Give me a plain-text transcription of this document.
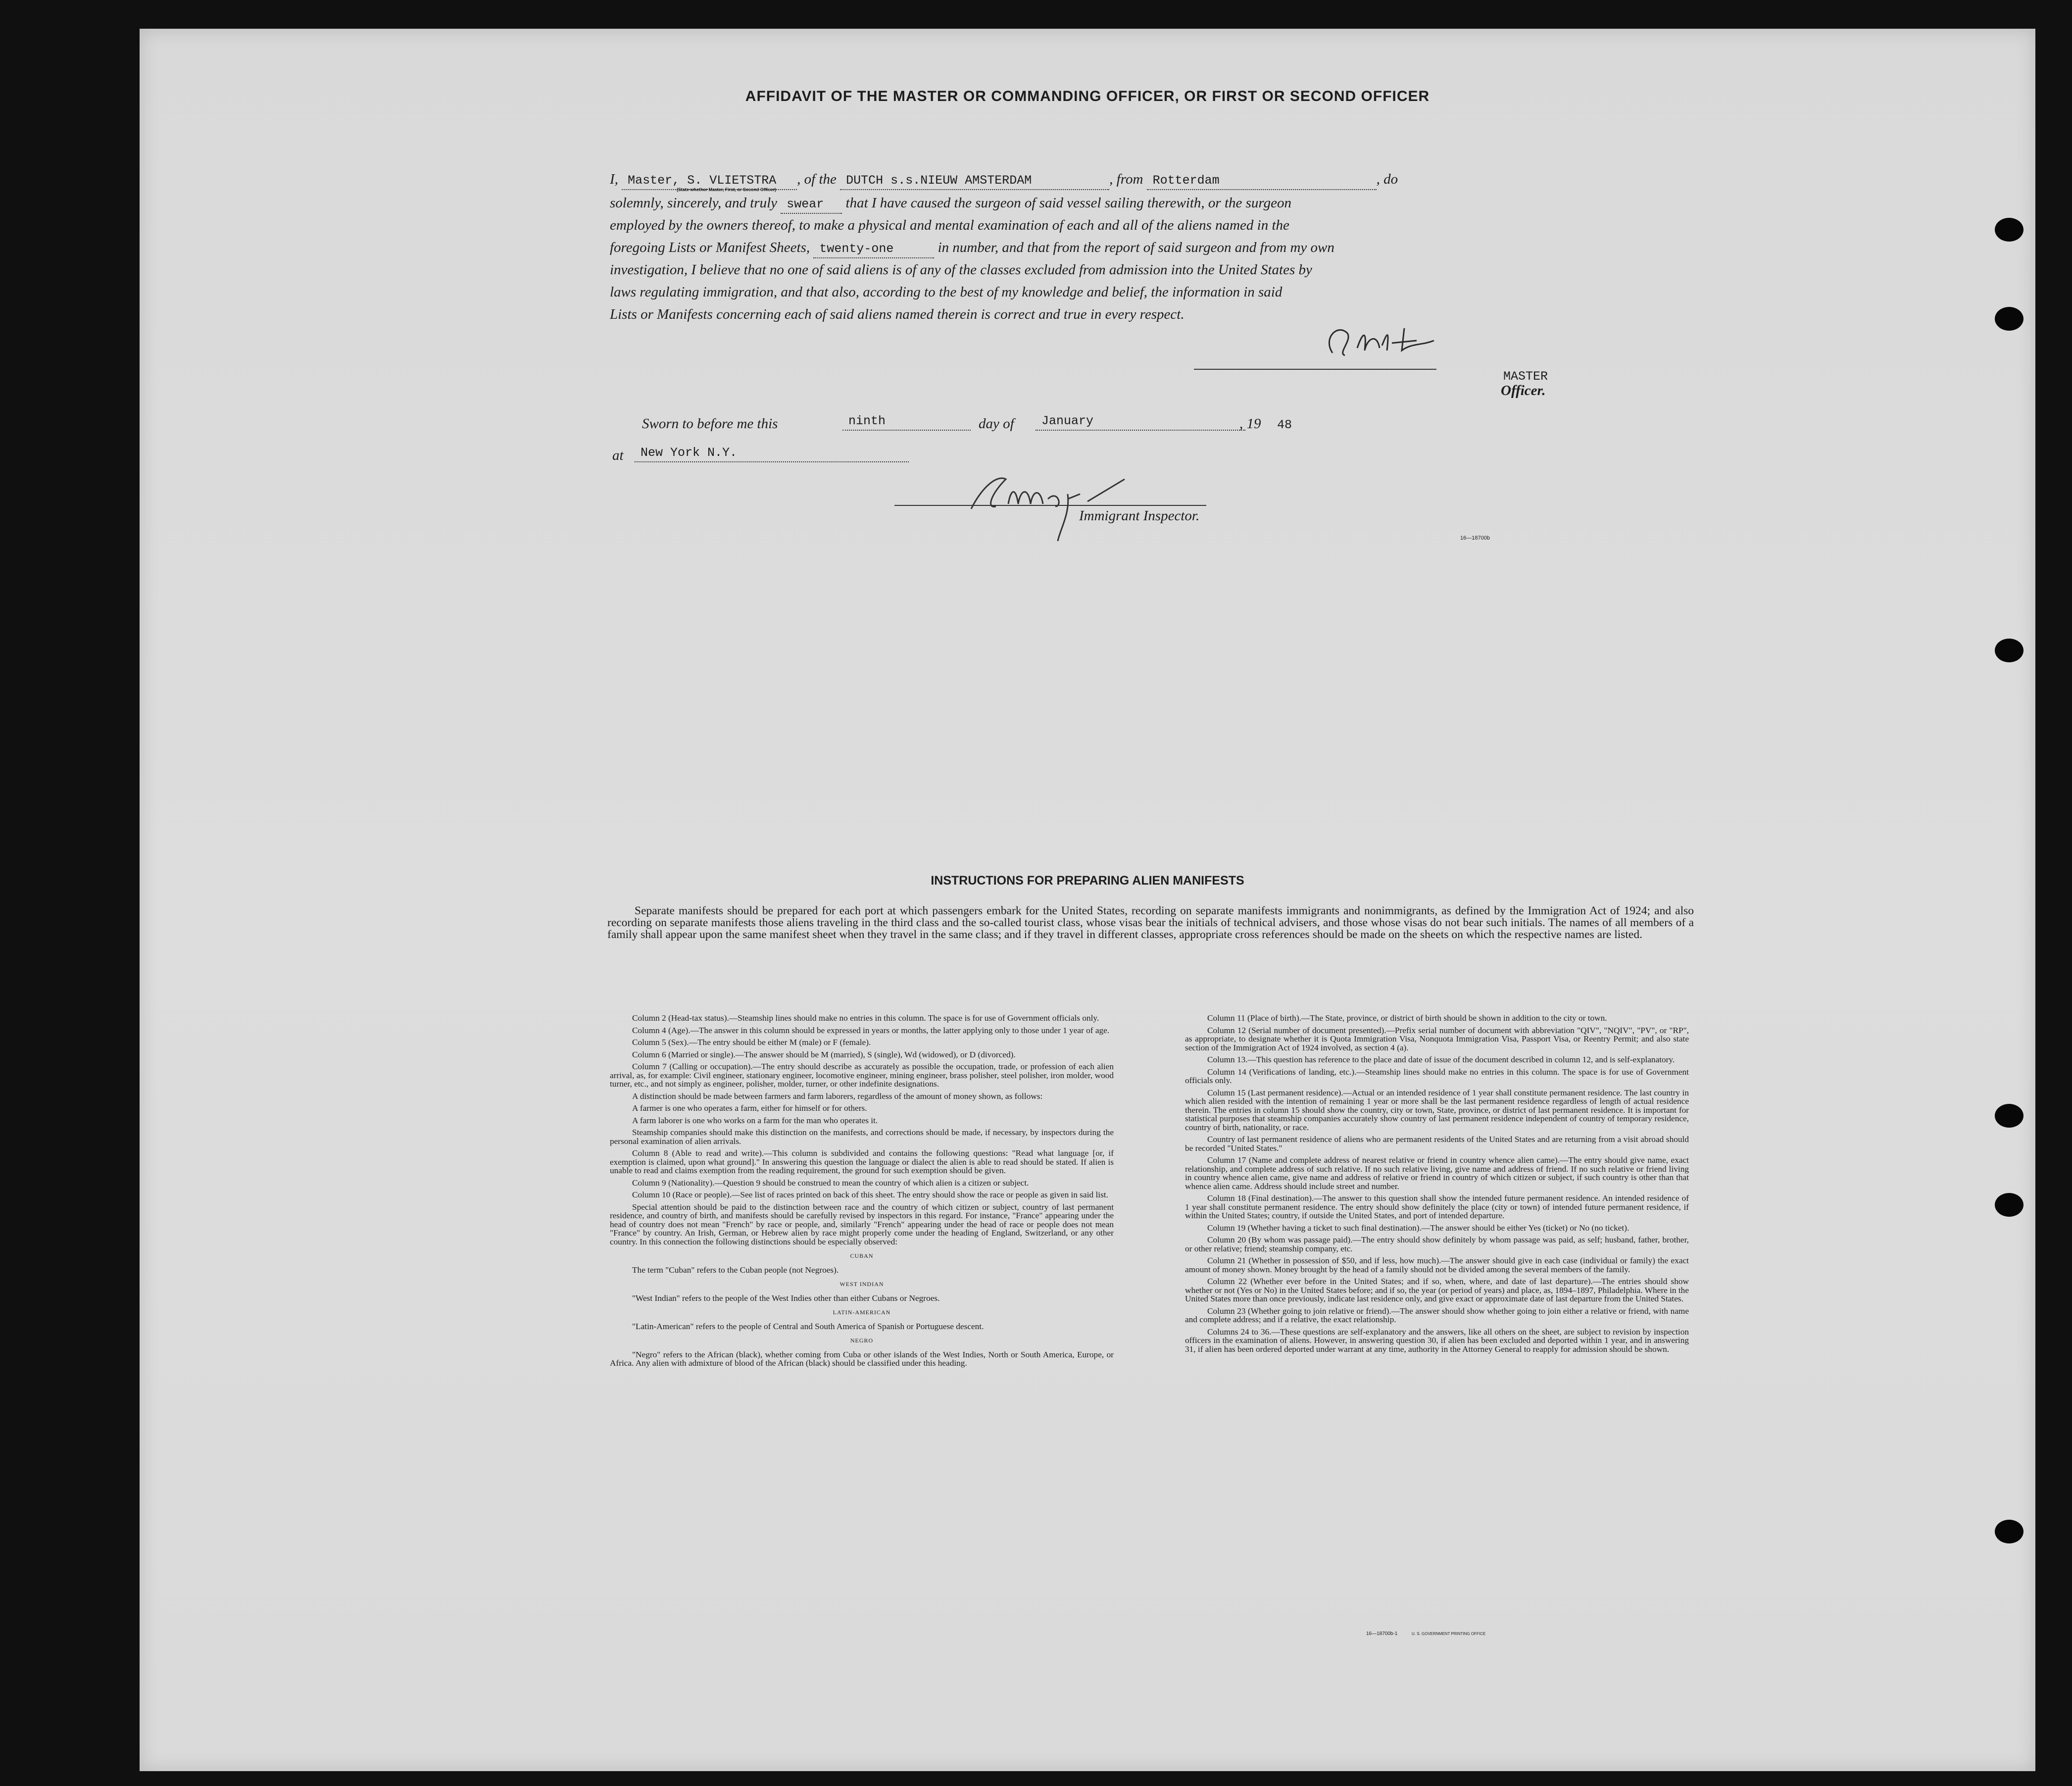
AFFIDAVIT OF THE MASTER OR COMMANDING OFFICER, OR FIRST OR SECOND OFFICER
I, Master, S. VLIETSTRA , of the DUTCH s.s.NIEUW AMSTERDAM	, from Rotterdam	, do
(State whether Master, First, or Second Officer)
solemnly, sincerely, and truly swear that I have caused the surgeon of said vessel sailing therewith, or the surgeon
employed by the owners thereof, to make a physical and mental examination of each and all of the aliens named in the
foregoing Lists or Manifest Sheets, twenty-one	in number, and that from the report of said surgeon and from my own
investigation, I believe that no one of said aliens is of any of the classes excluded from admission into the United States by
laws regulating immigration, and that also, according to the best of my knowledge and belief, the information in said
Lists or Manifests concerning each of said aliens named therein is correct and true in every respect.
MASTER
Officer.
Sworn to before me this	ninth	day of	January	, 19 48
at	New York N.Y.
Immigrant Inspector.
16—18700b
INSTRUCTIONS FOR PREPARING ALIEN MANIFESTS
Separate manifests should be prepared for each port at which passengers embark for the United States, recording on separate manifests immigrants and nonimmigrants, as defined by the Immigration Act of 1924; and also recording on separate manifests those aliens traveling in the third class and the so-called tourist class, whose visas bear the initials of technical advisers, and those whose visas do not bear such initials. The names of all members of a family shall appear upon the same manifest sheet when they travel in the same class; and if they travel in different classes, appropriate cross references should be made on the sheets on which the respective names are listed.

Column 2 (Head-tax status).—Steamship lines should make no entries in this column. The space is for use of Government officials only.

Column 4 (Age).—The answer in this column should be expressed in years or months, the latter applying only to those under 1 year of age.

Column 5 (Sex).—The entry should be either M (male) or F (female).

Column 6 (Married or single).—The answer should be M (married), S (single), Wd (widowed), or D (divorced).

Column 7 (Calling or occupation).—The entry should describe as accurately as possible the occupation, trade, or profession of each alien arrival, as, for example: Civil engineer, stationary engineer, locomotive engineer, mining engineer, brass polisher, steel polisher, iron molder, wood turner, etc., and not simply as engineer, polisher, molder, turner, or other indefinite designations.

A distinction should be made between farmers and farm laborers, regardless of the amount of money shown, as follows:

A farmer is one who operates a farm, either for himself or for others.

A farm laborer is one who works on a farm for the man who operates it.

Steamship companies should make this distinction on the manifests, and corrections should be made, if necessary, by inspectors during the personal examination of alien arrivals.

Column 8 (Able to read and write).—This column is subdivided and contains the following questions: "Read what language [or, if exemption is claimed, upon what ground]." In answering this question the language or dialect the alien is able to read should be stated. If alien is unable to read and claims exemption from the reading requirement, the ground for such exemption should be given.

Column 9 (Nationality).—Question 9 should be construed to mean the country of which alien is a citizen or subject.

Column 10 (Race or people).—See list of races printed on back of this sheet. The entry should show the race or people as given in said list.

Special attention should be paid to the distinction between race and the country of which citizen or subject, country of last permanent residence, and country of birth, and manifests should be carefully revised by inspectors in this regard. For instance, "France" appearing under the head of country does not mean "French" by race or people, and, similarly "French" appearing under the head of race or people does not mean "France" by country. An Irish, German, or Hebrew alien by race might properly come under the heading of England, Switzerland, or any other country. In this connection the following distinctions should be especially observed:

CUBAN

The term "Cuban" refers to the Cuban people (not Negroes).

WEST INDIAN

"West Indian" refers to the people of the West Indies other than either Cubans or Negroes.

LATIN-AMERICAN

"Latin-American" refers to the people of Central and South America of Spanish or Portuguese descent.

NEGRO

"Negro" refers to the African (black), whether coming from Cuba or other islands of the West Indies, North or South America, Europe, or Africa. Any alien with admixture of blood of the African (black) should be classified under this heading.

Column 11 (Place of birth).—The State, province, or district of birth should be shown in addition to the city or town.

Column 12 (Serial number of document presented).—Prefix serial number of document with abbreviation "QIV", "NQIV", "PV", or "RP", as appropriate, to designate whether it is Quota Immigration Visa, Nonquota Immigration Visa, Passport Visa, or Reentry Permit; and also state section of the Immigration Act of 1924 involved, as section 4 (a).

Column 13.—This question has reference to the place and date of issue of the document described in column 12, and is self-explanatory.

Column 14 (Verifications of landing, etc.).—Steamship lines should make no entries in this column. The space is for use of Government officials only.

Column 15 (Last permanent residence).—Actual or an intended residence of 1 year shall constitute permanent residence. The last country in which alien resided with the intention of remaining 1 year or more shall be the last permanent residence regardless of length of actual residence therein. The entries in column 15 should show the country, city or town, State, province, or district of last permanent residence. It is important for statistical purposes that steamship companies accurately show country of last permanent residence independent of country of temporary residence, country of birth, nationality, or race.

Country of last permanent residence of aliens who are permanent residents of the United States and are returning from a visit abroad should be recorded "United States."

Column 17 (Name and complete address of nearest relative or friend in country whence alien came).—The entry should give name, exact relationship, and complete address of such relative. If no such relative living, give name and address of friend. If no such relative or friend living in country whence alien came, give name and address of relative or friend in country of which citizen or subject, if such country is other than that whence alien came. Address should include street and number.

Column 18 (Final destination).—The answer to this question shall show the intended future permanent residence. An intended residence of 1 year shall constitute permanent residence. The entry should show definitely the place (city or town) of intended future permanent residence, if within the United States; country, if outside the United States, and port of intended departure.

Column 19 (Whether having a ticket to such final destination).—The answer should be either Yes (ticket) or No (no ticket).

Column 20 (By whom was passage paid).—The entry should show definitely by whom passage was paid, as self; husband, father, brother, or other relative; friend; steamship company, etc.

Column 21 (Whether in possession of $50, and if less, how much).—The answer should give in each case (individual or family) the exact amount of money shown. Money brought by the head of a family should not be divided among the several members of the family.

Column 22 (Whether ever before in the United States; and if so, when, where, and date of last departure).—The entries should show whether or not (Yes or No) in the United States before; and if so, the year (or period of years) and place, as, 1894–1897, Philadelphia. Where in the United States more than once previously, indicate last residence only, and give exact or approximate date of last departure from the United States.

Column 23 (Whether going to join relative or friend).—The answer should show whether going to join either a relative or friend, with name and complete address; and if a relative, the exact relationship.

Columns 24 to 36.—These questions are self-explanatory and the answers, like all others on the sheet, are subject to revision by inspection officers in the examination of aliens. However, in answering question 30, if alien has been excluded and deported within 1 year, and in answering 31, if alien has been ordered deported under warrant at any time, authority in the Attorney General to reapply for admission should be shown.

16—18700b-1	U. S. GOVERNMENT PRINTING OFFICE
